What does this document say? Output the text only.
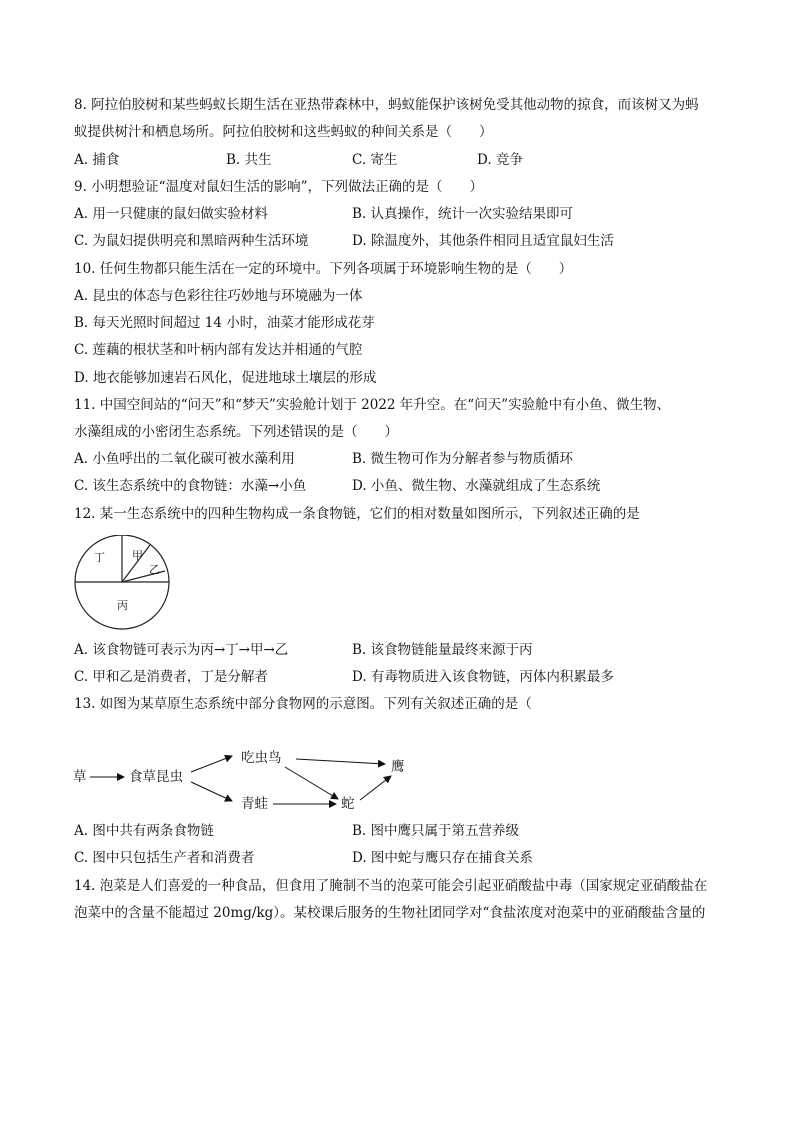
8. 阿拉伯胶树和某些蚂蚁长期生活在亚热带森林中，蚂蚁能保护该树免受其他动物的掠食，而该树又为蚂
蚁提供树汁和栖息场所。阿拉伯胶树和这些蚂蚁的种间关系是（　　）
A. 捕食	B. 共生	C. 寄生	D. 竞争
9. 小明想验证“温度对鼠妇生活的影响”，下列做法正确的是（　　）
A. 用一只健康的鼠妇做实验材料	B. 认真操作，统计一次实验结果即可
C. 为鼠妇提供明亮和黑暗两种生活环境	D. 除温度外，其他条件相同且适宜鼠妇生活
10. 任何生物都只能生活在一定的环境中。下列各项属于环境影响生物的是（　　）
A. 昆虫的体态与色彩往往巧妙地与环境融为一体
B. 每天光照时间超过 14 小时，油菜才能形成花芽
C. 莲藕的根状茎和叶柄内部有发达并相通的气腔
D. 地衣能够加速岩石风化，促进地球土壤层的形成
11. 中国空间站的“问天”和“梦天”实验舱计划于 2022 年升空。在“问天”实验舱中有小鱼、微生物、
水藻组成的小密闭生态系统。下列述错误的是（　　）
A. 小鱼呼出的二氧化碳可被水藻利用	B. 微生物可作为分解者参与物质循环
C. 该生态系统中的食物链：水藻→小鱼	D. 小鱼、微生物、水藻就组成了生态系统
12. 某一生态系统中的四种生物构成一条食物链，它们的相对数量如图所示，下列叙述正确的是
甲
乙
丙
丁
A. 该食物链可表示为丙→丁→甲→乙	B. 该食物链能量最终来源于丙
C. 甲和乙是消费者，丁是分解者	D. 有毒物质进入该食物链，丙体内积累最多
13. 如图为某草原生态系统中部分食物网的示意图。下列有关叙述正确的是（
草	食草昆虫
吃虫鸟
青蛙	蛇
鹰
A. 图中共有两条食物链	B. 图中鹰只属于第五营养级
C. 图中只包括生产者和消费者	D. 图中蛇与鹰只存在捕食关系
14. 泡菜是人们喜爱的一种食品，但食用了腌制不当的泡菜可能会引起亚硝酸盐中毒（国家规定亚硝酸盐在
泡菜中的含量不能超过 20mg/kg）。某校课后服务的生物社团同学对“食盐浓度对泡菜中的亚硝酸盐含量的
